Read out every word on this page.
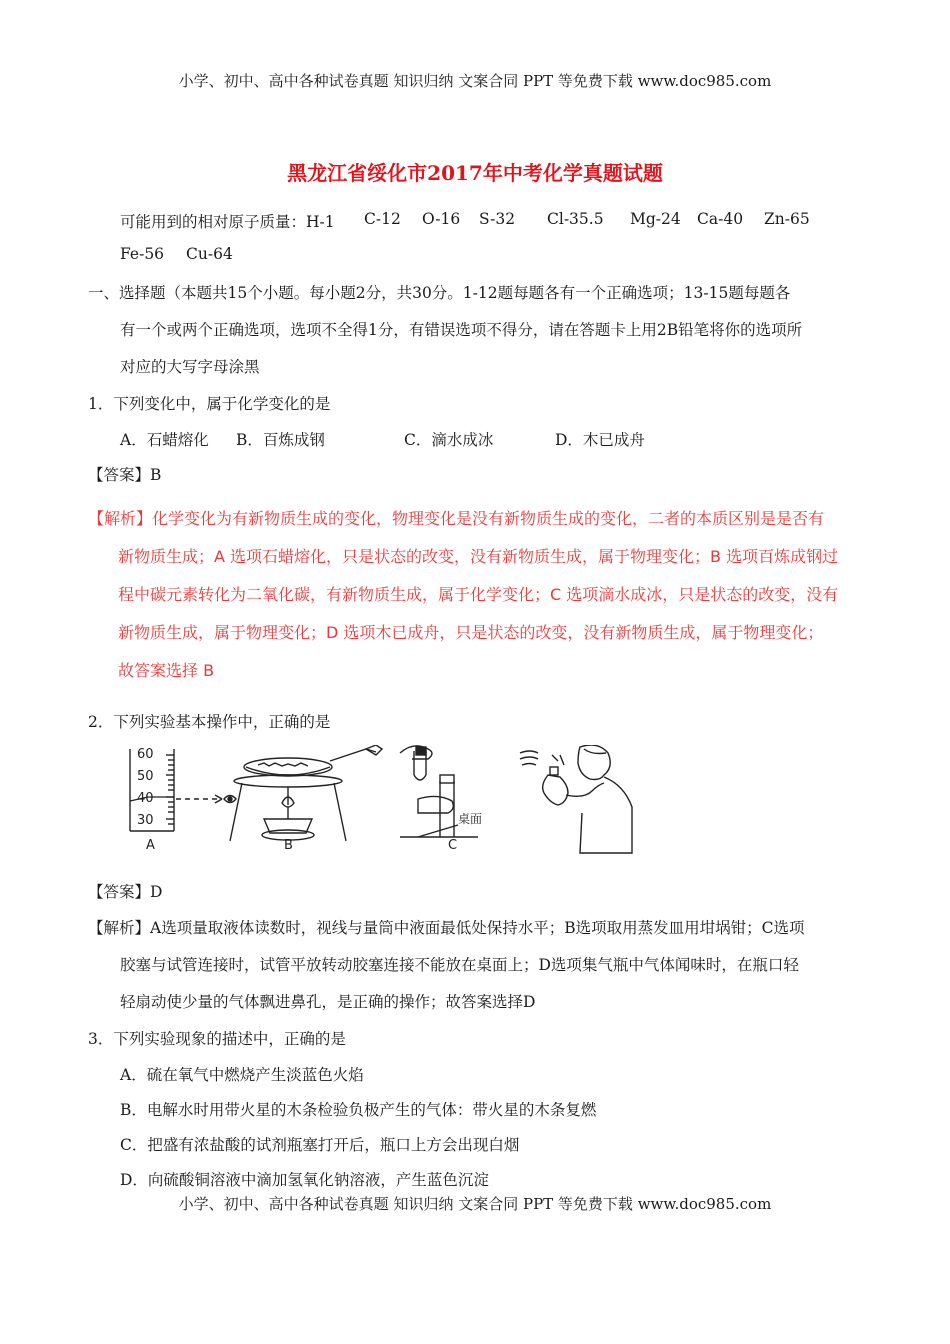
小学、初中、高中各种试卷真题 知识归纳 文案合同 PPT 等免费下载 www.doc985.com
黑龙江省绥化市2017年中考化学真题试题
可能用到的相对原子质量：H-1 C-12 O-16 S-32 Cl-35.5 Mg-24 Ca-40 Zn-65
Fe-56 Cu-64
一、选择题（本题共15个小题。每小题2分，共30分。1-12题每题各有一个正确选项；13-15题每题各
有一个或两个正确选项，选项不全得1分，有错误选项不得分，请在答题卡上用2B铅笔将你的选项所
对应的大写字母涂黑
1．下列变化中，属于化学变化的是
A．石蜡熔化 B．百炼成钢	C．滴水成冰	D．木已成舟
【答案】B
【解析】化学变化为有新物质生成的变化，物理变化是没有新物质生成的变化，二者的本质区别是是否有
新物质生成；A 选项石蜡熔化，只是状态的改变，没有新物质生成，属于物理变化；B 选项百炼成钢过
程中碳元素转化为二氧化碳，有新物质生成，属于化学变化；C 选项滴水成冰，只是状态的改变，没有
新物质生成，属于物理变化；D 选项木已成舟，只是状态的改变，没有新物质生成，属于物理变化；
故答案选择 B
2．下列实验基本操作中，正确的是
60
50
40
30
A	B
桌面
C
【答案】D
【解析】A选项量取液体读数时，视线与量筒中液面最低处保持水平；B选项取用蒸发皿用坩埚钳；C选项
胶塞与试管连接时，试管平放转动胶塞连接不能放在桌面上；D选项集气瓶中气体闻味时，在瓶口轻
轻扇动使少量的气体飘进鼻孔，是正确的操作；故答案选择D
3．下列实验现象的描述中，正确的是
A．硫在氧气中燃烧产生淡蓝色火焰
B．电解水时用带火星的木条检验负极产生的气体：带火星的木条复燃
C．把盛有浓盐酸的试剂瓶塞打开后，瓶口上方会出现白烟
D．向硫酸铜溶液中滴加氢氧化钠溶液，产生蓝色沉淀
小学、初中、高中各种试卷真题 知识归纳 文案合同 PPT 等免费下载 www.doc985.com
